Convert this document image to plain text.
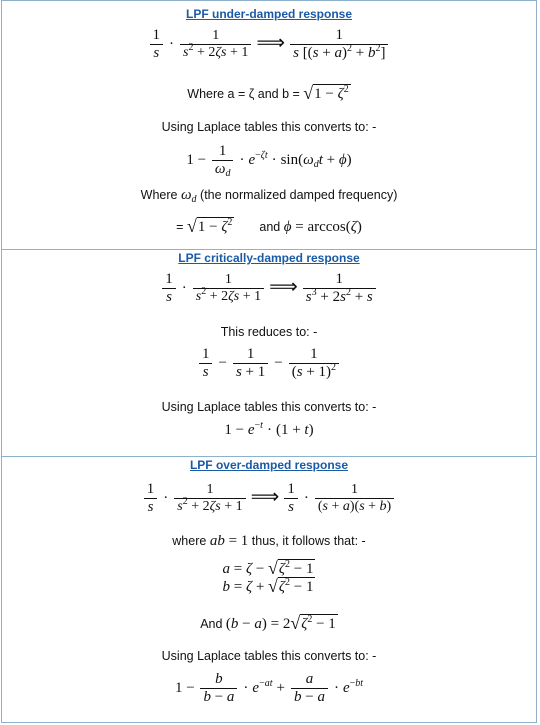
LPF under-damped response
$\frac{1}{s} \cdot \frac{1}{s^2 + 2\zeta s + 1}$ ⟹ $\frac{1}{s [(s + a)^2 + b^2]}$
Where a = ζ and $b = √1 - \zeta^2$
Using Laplace tables this converts to: -
$1 - \frac{1}{\omega_d} \cdot e^{-\zeta t} \cdot \sin(\omega_dt + \phi)$
Where $\omega_d$ (the normalized damped frequency)
= $√1 - \zeta^2$ and ϕ = arccos(ζ)
LPF critically-damped response
$\frac{1}{s} \cdot \frac{1}{s^2 + 2\zeta s + 1}$ ⟹ $\frac{1}{s^3 + 2s^2 + s}$
This reduces to: -
$\frac{1}{s} - \frac{1}{s + 1} - \frac{1}{(s + 1)^2}$
Using Laplace tables this converts to: -
$1 - e^{-t} \cdot (1 + t)$
LPF over-damped response
$\frac{1}{s} \cdot \frac{1}{s^2 + 2\zeta s + 1}$ ⟹ $\frac{1}{s} \cdot \frac{1}{(s + a)(s + b)}$
where ab = 1 thus, it follows that: -
$a = \zeta - √\zeta^2 - 1$
$b = \zeta + √\zeta^2 - 1$
And $(b - a) = 2√\zeta^2 - 1$
Using Laplace tables this converts to: -
$1 - \frac{b}{b - a} \cdot e^{-at} + \frac{a}{b - a} \cdot e^{-bt}$
